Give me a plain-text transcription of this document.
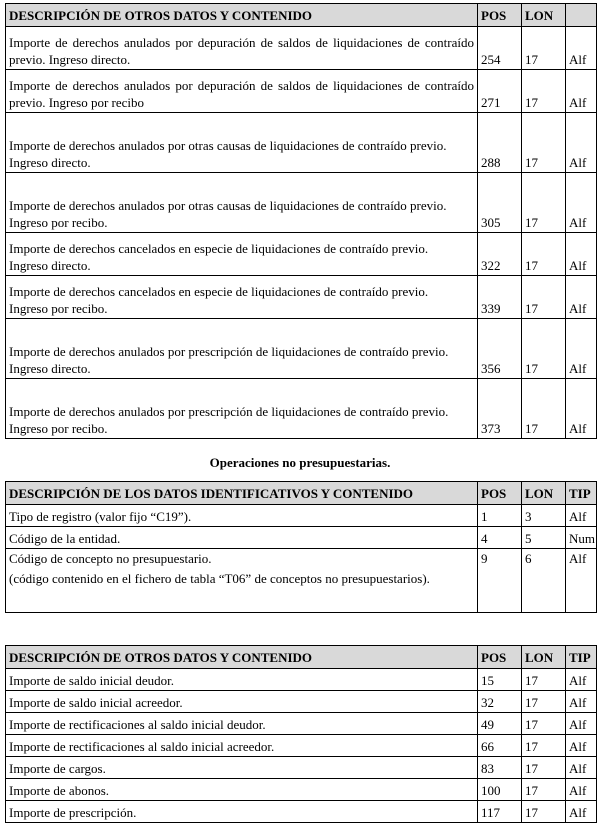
DESCRIPCIÓN DE OTROS DATOS Y CONTENIDO	POS	LON	

Importe de derechos anulados por depuración de saldos de liquidaciones de contraído previo. Ingreso directo.	254	17	Alf

Importe de derechos anulados por depuración de saldos de liquidaciones de contraído previo. Ingreso por recibo	271	17	Alf

Importe de derechos anulados por otras causas de liquidaciones de contraído previo.
Ingreso directo.	288	17	Alf

Importe de derechos anulados por otras causas de liquidaciones de contraído previo.
Ingreso por recibo.	305	17	Alf

Importe de derechos cancelados en especie de liquidaciones de contraído previo.
Ingreso directo.	322	17	Alf

Importe de derechos cancelados en especie de liquidaciones de contraído previo.
Ingreso por recibo.	339	17	Alf

Importe de derechos anulados por prescripción de liquidaciones de contraído previo.
Ingreso directo.	356	17	Alf

Importe de derechos anulados por prescripción de liquidaciones de contraído previo.
Ingreso por recibo.	373	17	Alf
Operaciones no presupuestarias.
DESCRIPCIÓN DE LOS DATOS IDENTIFICATIVOS Y CONTENIDO	POS	LON	TIP

Tipo de registro (valor fijo “C19”).	1	3	Alf

Código de la entidad.	4	5	Num

Código de concepto no presupuestario.
(código contenido en el fichero de tabla “T06” de conceptos no presupuestarios).	9	6	Alf
DESCRIPCIÓN DE OTROS DATOS Y CONTENIDO	POS	LON	TIP

Importe de saldo inicial deudor.	15	17	Alf

Importe de saldo inicial acreedor.	32	17	Alf

Importe de rectificaciones al saldo inicial deudor.	49	17	Alf

Importe de rectificaciones al saldo inicial acreedor.	66	17	Alf

Importe de cargos.	83	17	Alf

Importe de abonos.	100	17	Alf

Importe de prescripción.	117	17	Alf
